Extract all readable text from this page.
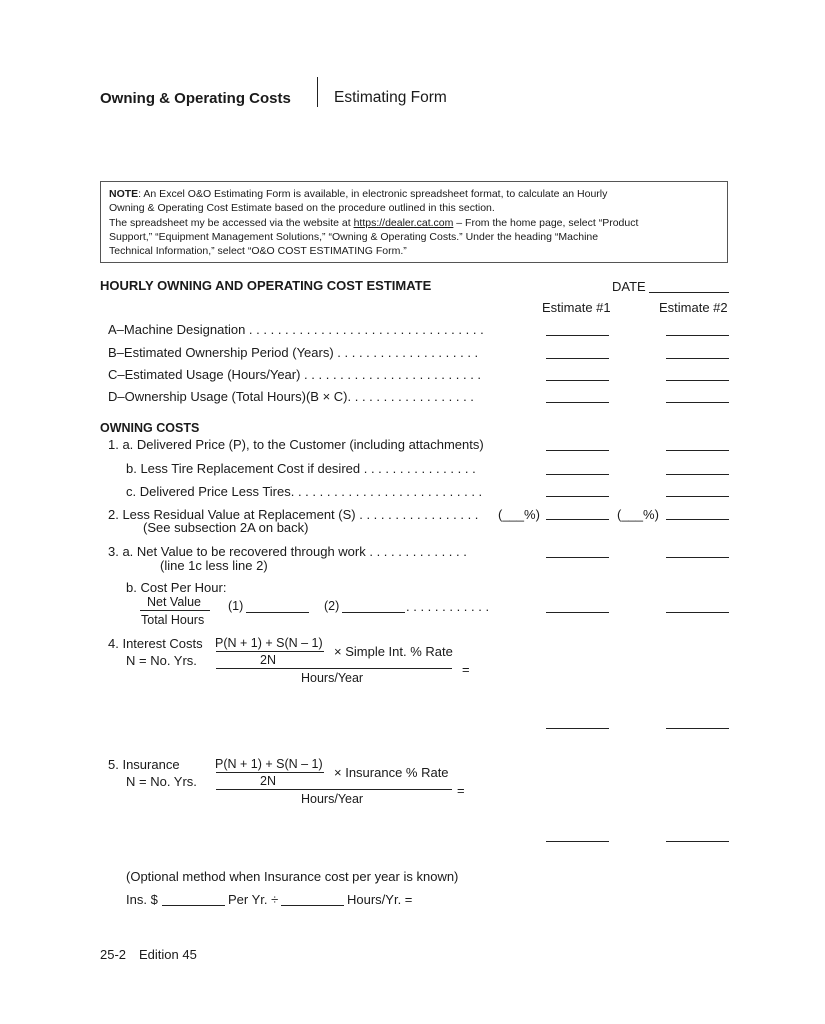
Owning & Operating Costs	Estimating Form

NOTE: An Excel O&O Estimating Form is available, in electronic spreadsheet format, to calculate an Hourly

Owning & Operating Cost Estimate based on the procedure outlined in this section.

The spreadsheet my be accessed via the website at https://dealer.cat.com – From the home page, select “Product

Support,” “Equipment Management Solutions,” “Owning & Operating Costs.” Under the heading “Machine

Technical Information,” select “O&O COST ESTIMATING Form.”

HOURLY OWNING AND OPERATING COST ESTIMATE	DATE
Estimate #1	Estimate #2
A–Machine Designation . . . . . . . . . . . . . . . . . . . . . . . . . . . . . . . . .
B–Estimated Ownership Period (Years) . . . . . . . . . . . . . . . . . . . .
C–Estimated Usage (Hours/Year) . . . . . . . . . . . . . . . . . . . . . . . . .
D–Ownership Usage (Total Hours)(B × C). . . . . . . . . . . . . . . . . .
OWNING COSTS
1. a. Delivered Price (P), to the Customer (including attachments)
b. Less Tire Replacement Cost if desired . . . . . . . . . . . . . . . .
c. Delivered Price Less Tires. . . . . . . . . . . . . . . . . . . . . . . . . . .
2. Less Residual Value at Replacement (S) . . . . . . . . . . . . . . . . . (___%)	(___%)
(See subsection 2A on back)
3. a. Net Value to be recovered through work . . . . . . . . . . . . . .
(line 1c less line 2)
b. Cost Per Hour:
Net Value
Total Hours
(1)	(2)	. . . . . . . . . . . .
4. Interest Costs P(N + 1) + S(N – 1)
2N
× Simple Int. % Rate
N = No. Yrs.
=
Hours/Year
5. Insurance	P(N + 1) + S(N – 1)
2N
× Insurance % Rate
N = No. Yrs.
=
Hours/Year
(Optional method when Insurance cost per year is known)
Ins. $	Per Yr. ÷	Hours/Yr. =
25-2 Edition 45
